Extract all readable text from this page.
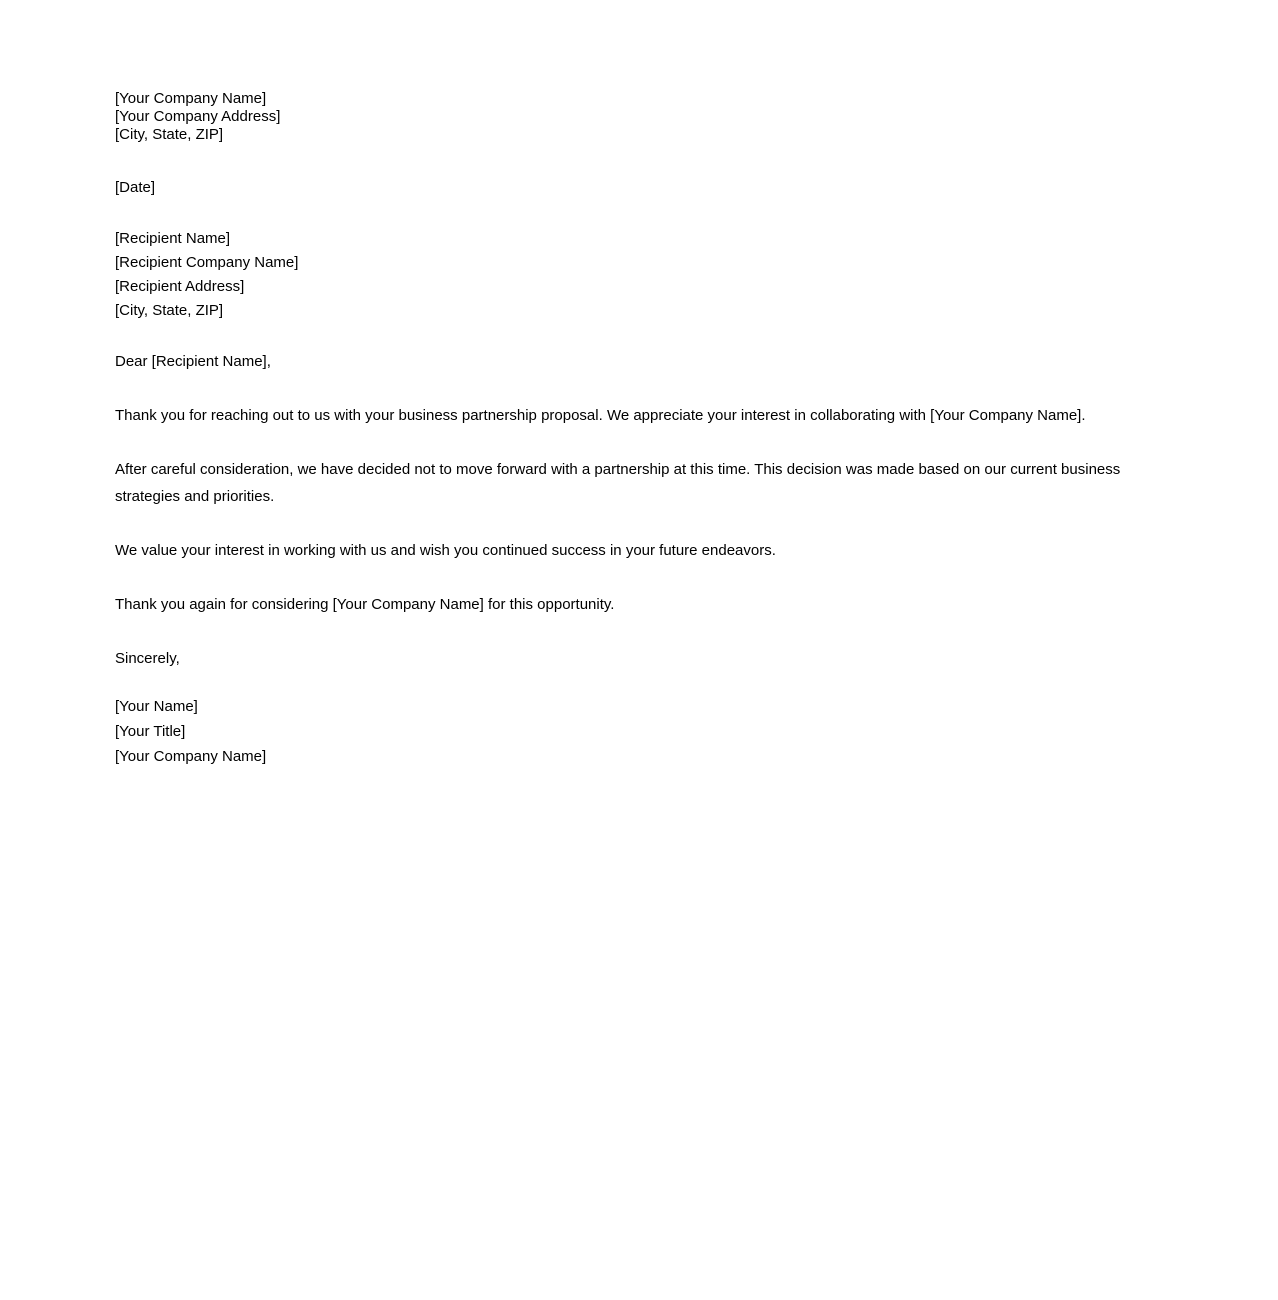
[Your Company Name]
[Your Company Address]
[City, State, ZIP]
[Date]
[Recipient Name]
[Recipient Company Name]
[Recipient Address]
[City, State, ZIP]
Dear [Recipient Name],
Thank you for reaching out to us with your business partnership proposal. We appreciate your interest in collaborating with [Your Company Name].
After careful consideration, we have decided not to move forward with a partnership at this time. This decision was made based on our current business strategies and priorities.
We value your interest in working with us and wish you continued success in your future endeavors.
Thank you again for considering [Your Company Name] for this opportunity.
Sincerely,
[Your Name]
[Your Title]
[Your Company Name]
